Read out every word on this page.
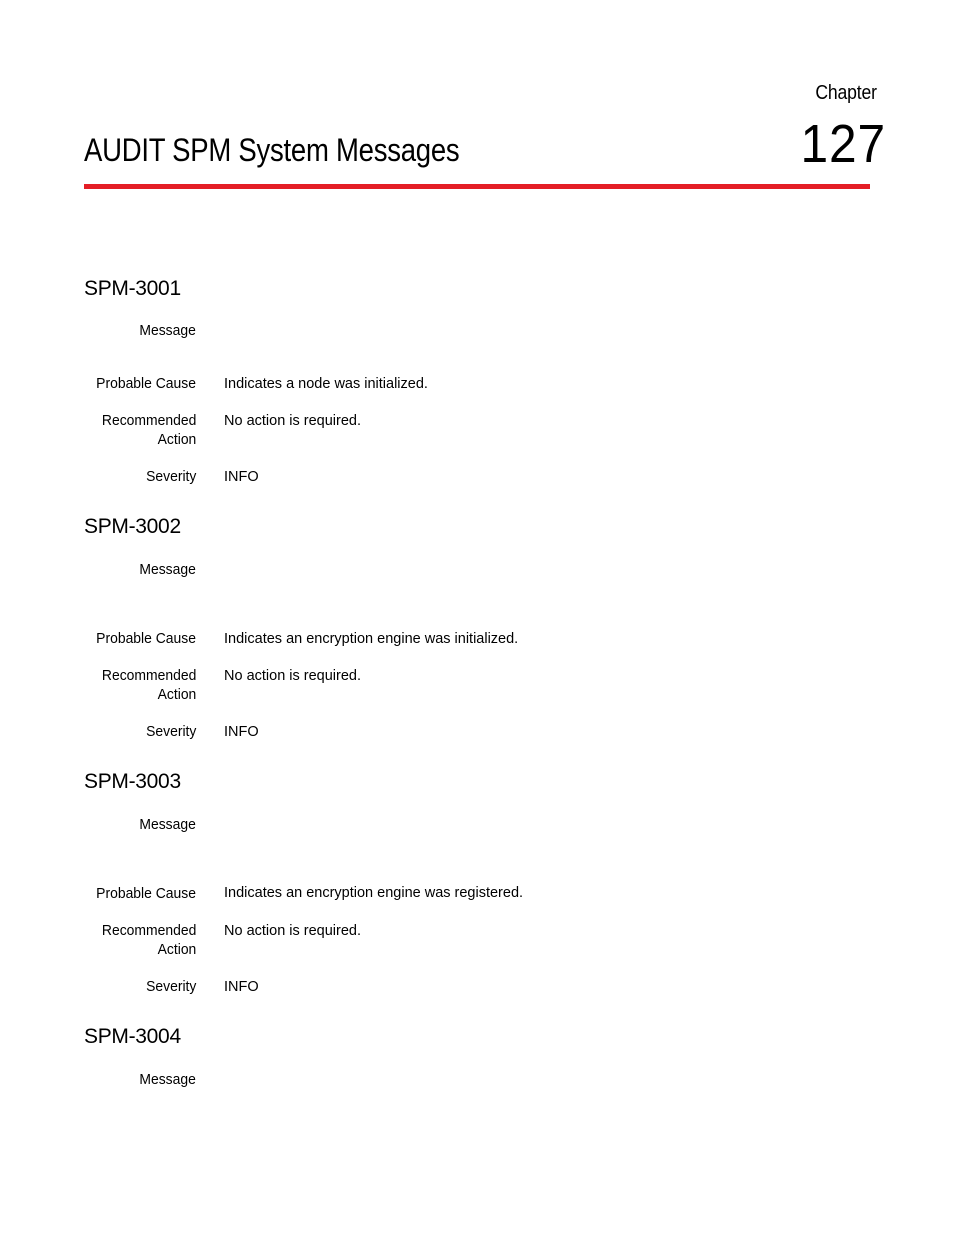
Chapter
127
AUDIT SPM System Messages
SPM-3001
Message
Probable Cause Indicates a node was initialized.
Recommended
Action
No action is required.
Severity INFO
SPM-3002
Message
Probable Cause Indicates an encryption engine was initialized.
Recommended
Action
No action is required.
Severity INFO
SPM-3003
Message
Probable Cause Indicates an encryption engine was registered.
Recommended
Action
No action is required.
Severity INFO
SPM-3004
Message
